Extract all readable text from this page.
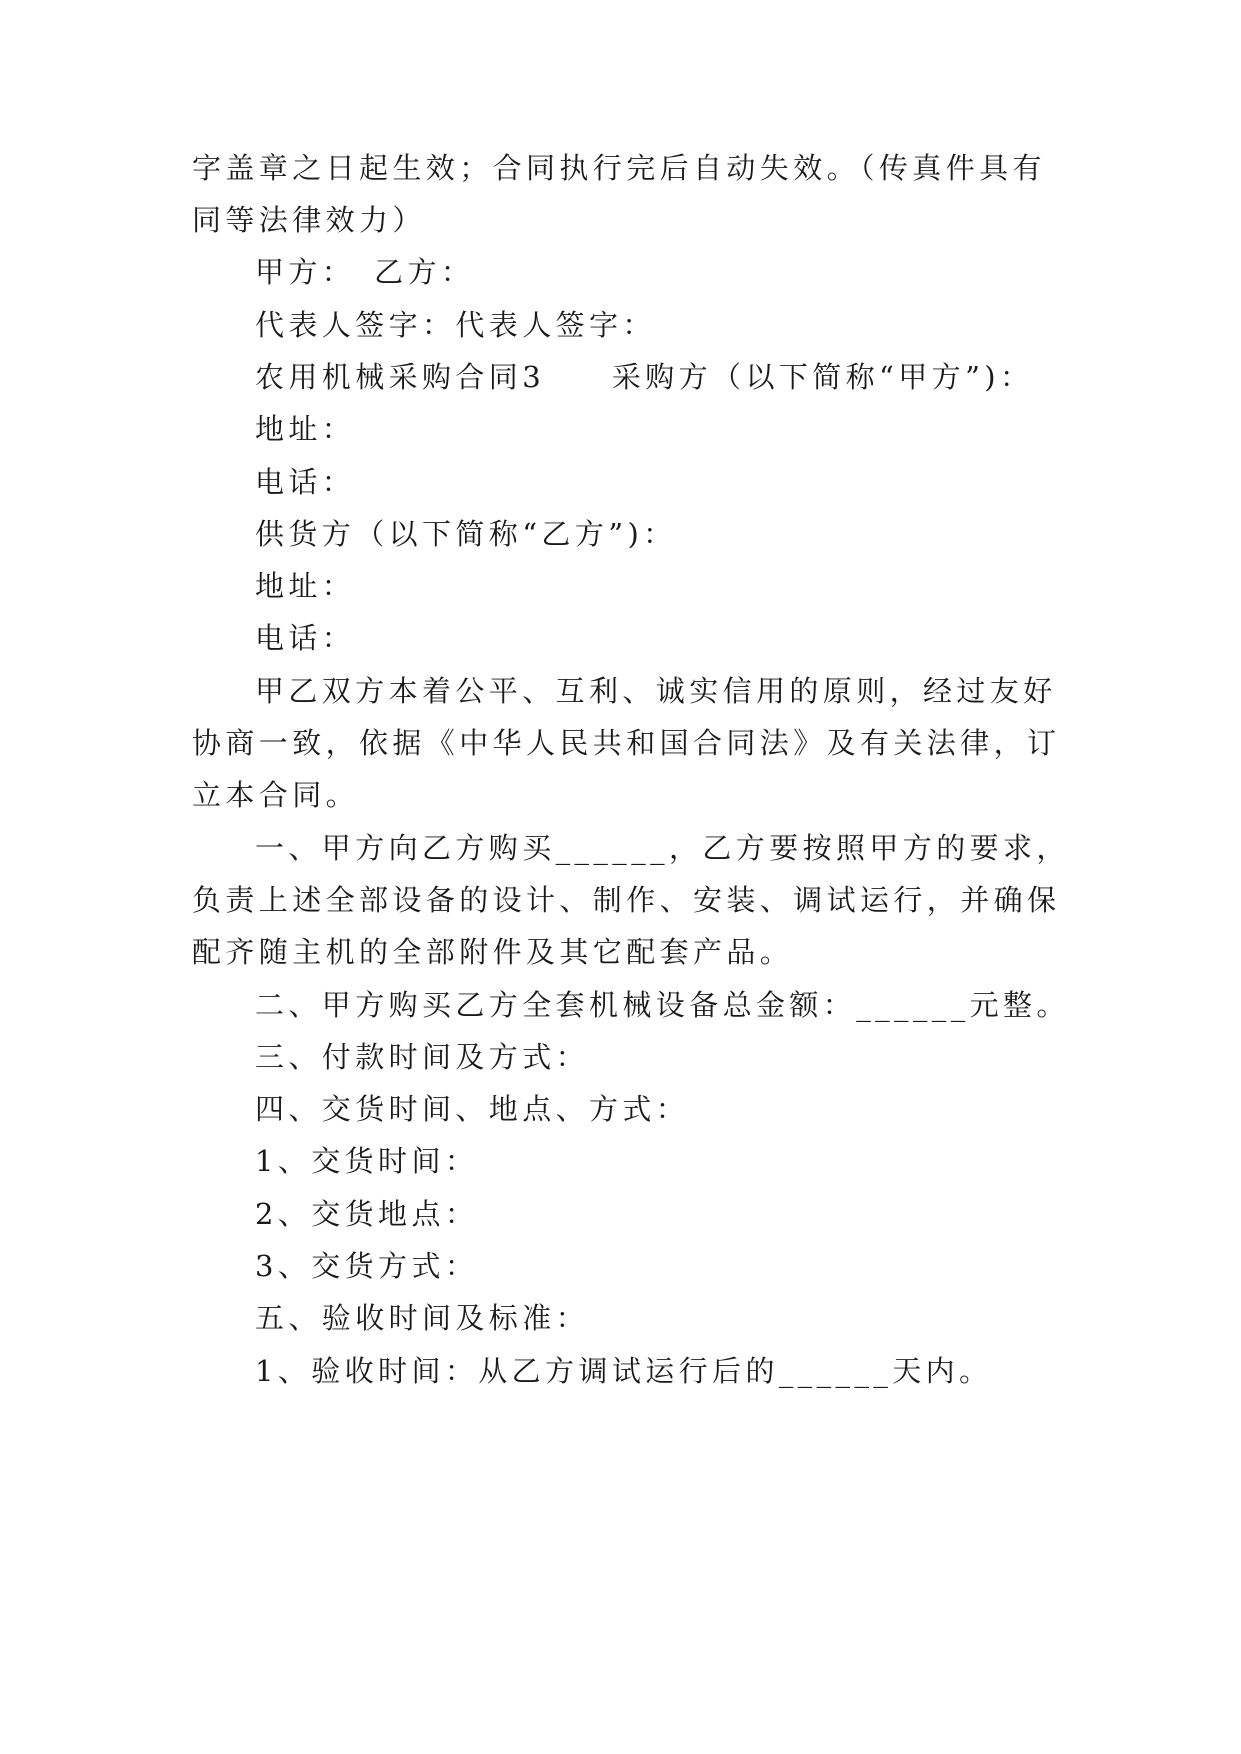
字盖章之日起生效；合同执行完后自动失效。（传真件具有

同等法律效力）

甲方：　乙方：

代表人签字：代表人签字：

农用机械采购合同3　　采购方（以下简称“甲方”)：

地址：

电话：

供货方（以下简称“乙方”)：

地址：

电话：

甲乙双方本着公平、互利、诚实信用的原则，经过友好

协商一致，依据《中华人民共和国合同法》及有关法律，订

立本合同。

一、甲方向乙方购买______，乙方要按照甲方的要求，

负责上述全部设备的设计、制作、安装、调试运行，并确保

配齐随主机的全部附件及其它配套产品。

二、甲方购买乙方全套机械设备总金额：______元整。

三、付款时间及方式：

四、交货时间、地点、方式：

1、交货时间：

2、交货地点：

3、交货方式：

五、验收时间及标准：

1、验收时间：从乙方调试运行后的______天内。
